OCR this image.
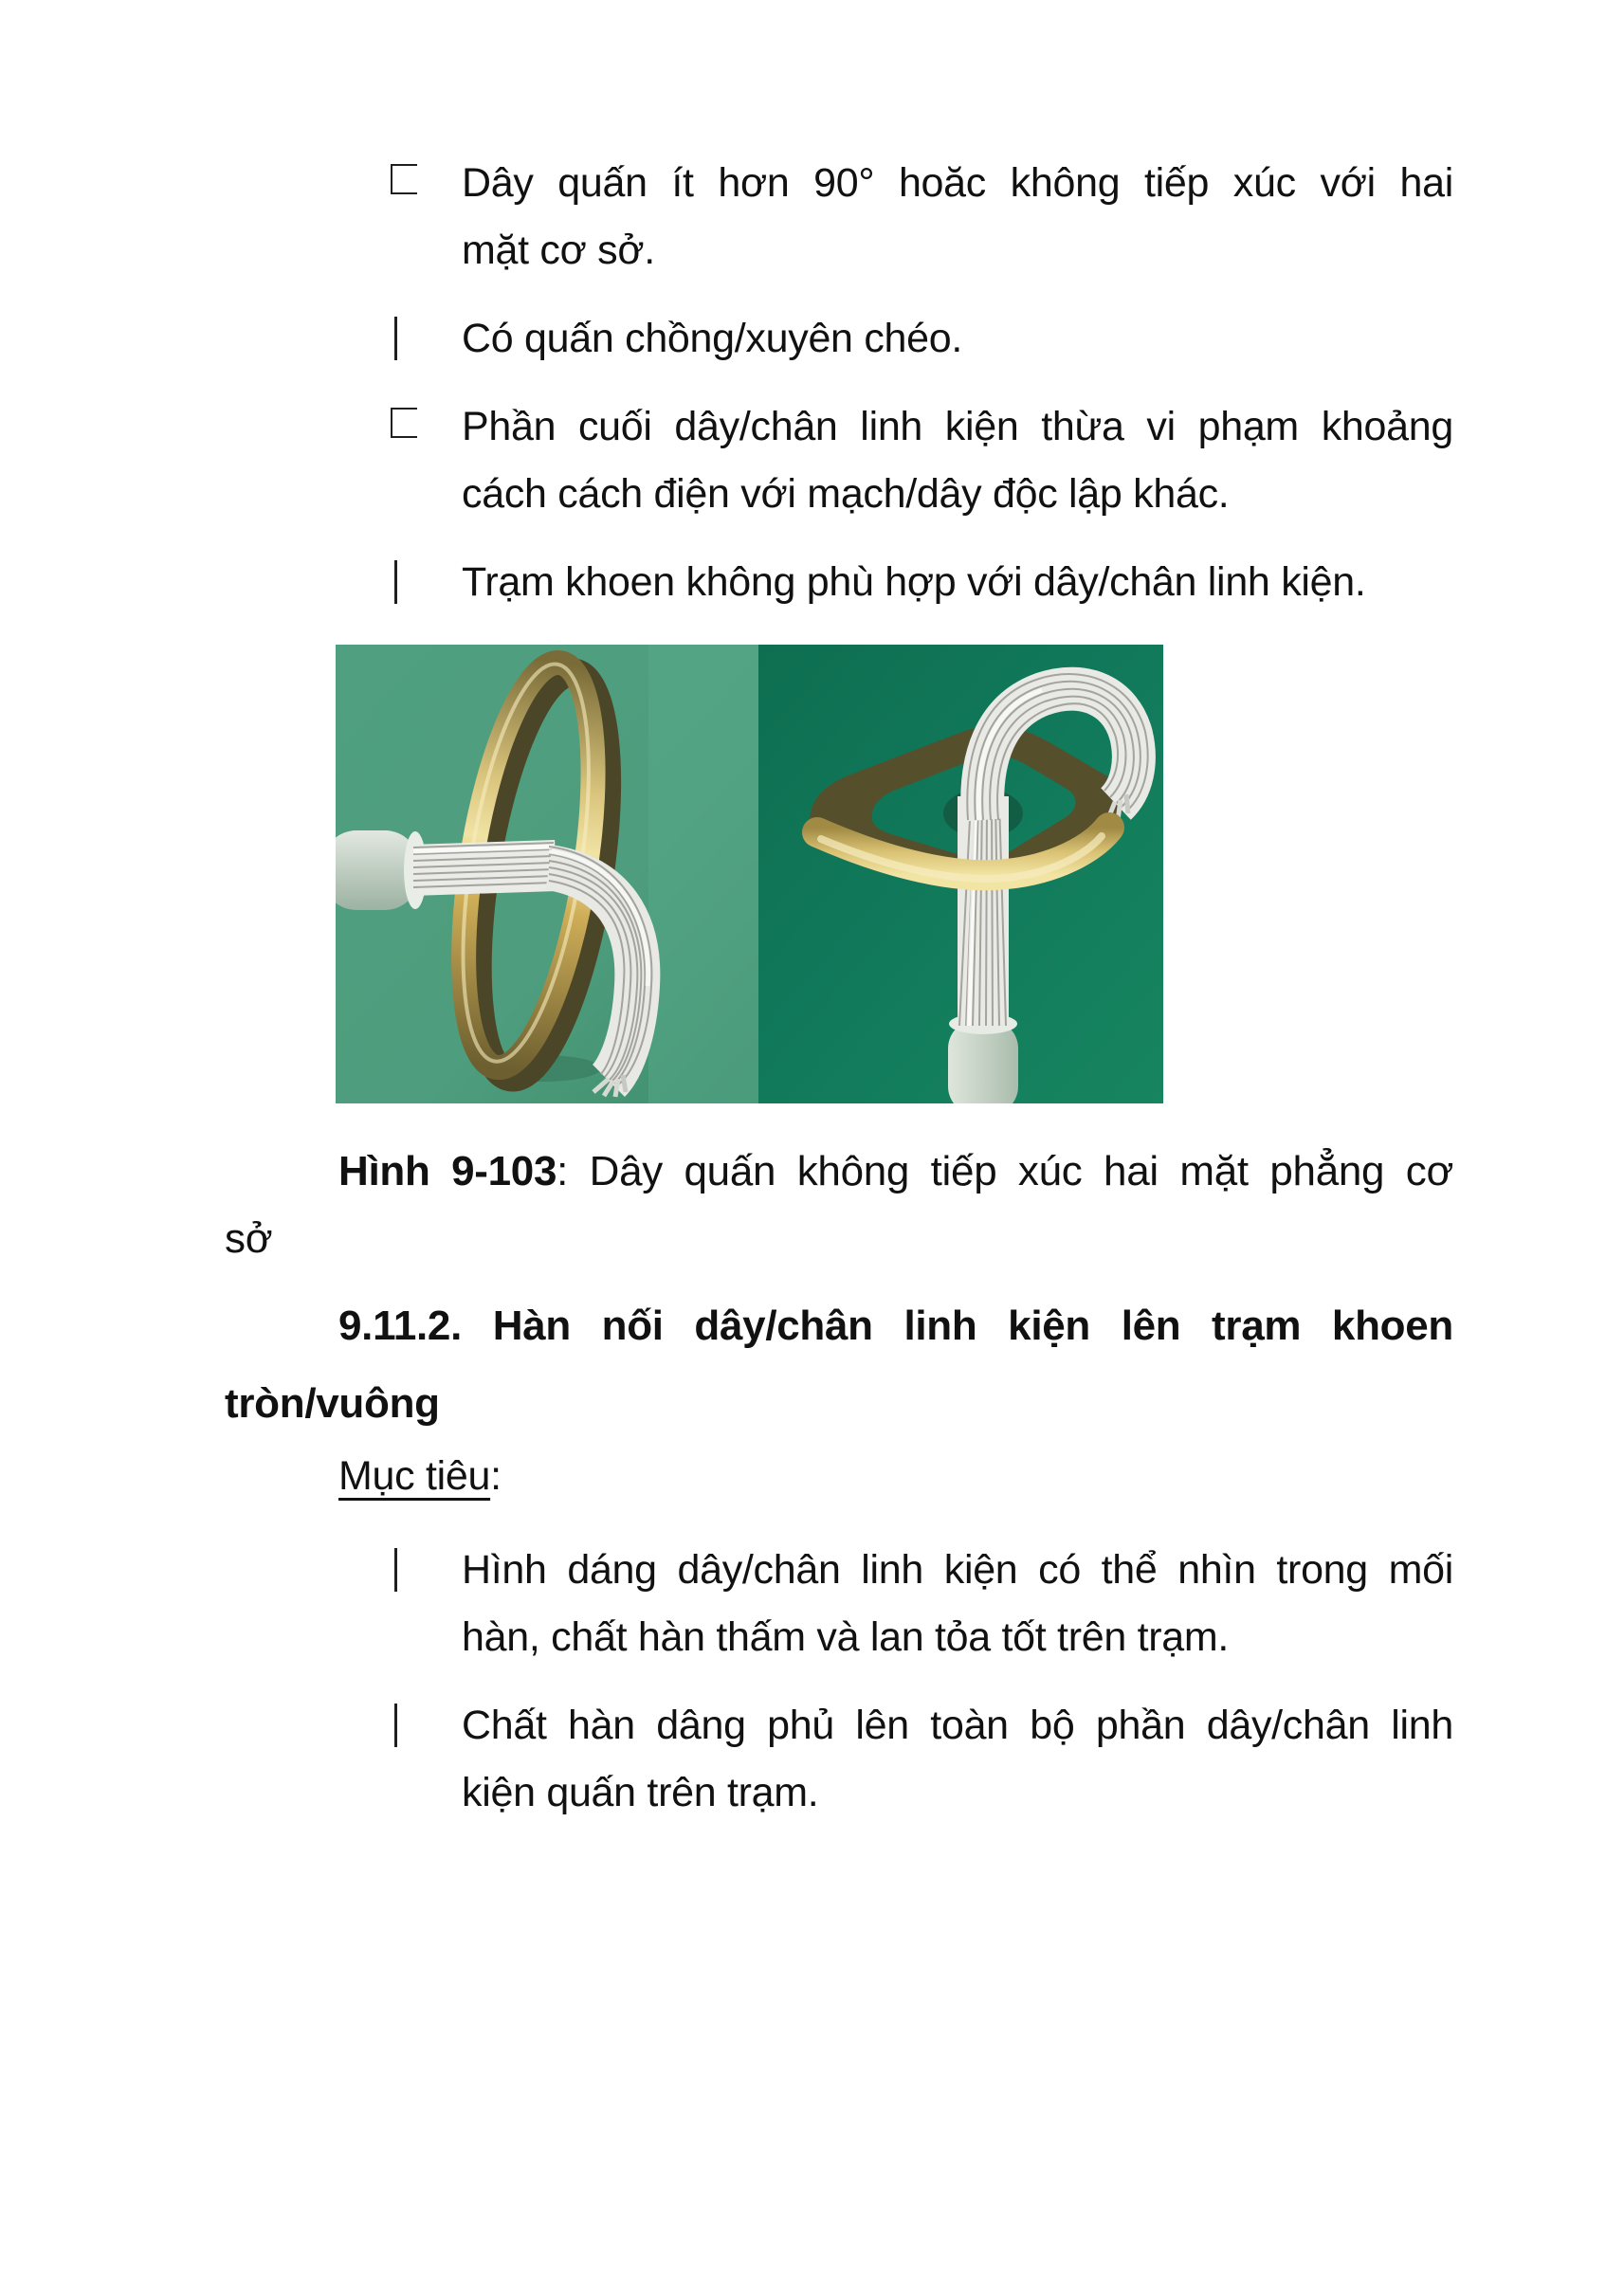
Dây quấn ít hơn 90° hoăc không tiếp xúc với hai
mặt cơ sở.
Có quấn chồng/xuyên chéo.
Phần cuối dây/chân linh kiện thừa vi phạm khoảng
cách cách điện với mạch/dây độc lập khác.
Trạm khoen không phù hợp với dây/chân linh kiện.

Hình 9-103: Dây quấn không tiếp xúc hai mặt phẳng cơ
sở

9.11.2. Hàn nối dây/chân linh kiện lên trạm khoen
tròn/vuông

Mục tiêu:

Hình dáng dây/chân linh kiện có thể nhìn trong mối
hàn, chất hàn thấm và lan tỏa tốt trên trạm.
Chất hàn dâng phủ lên toàn bộ phần dây/chân linh
kiện quấn trên trạm.
